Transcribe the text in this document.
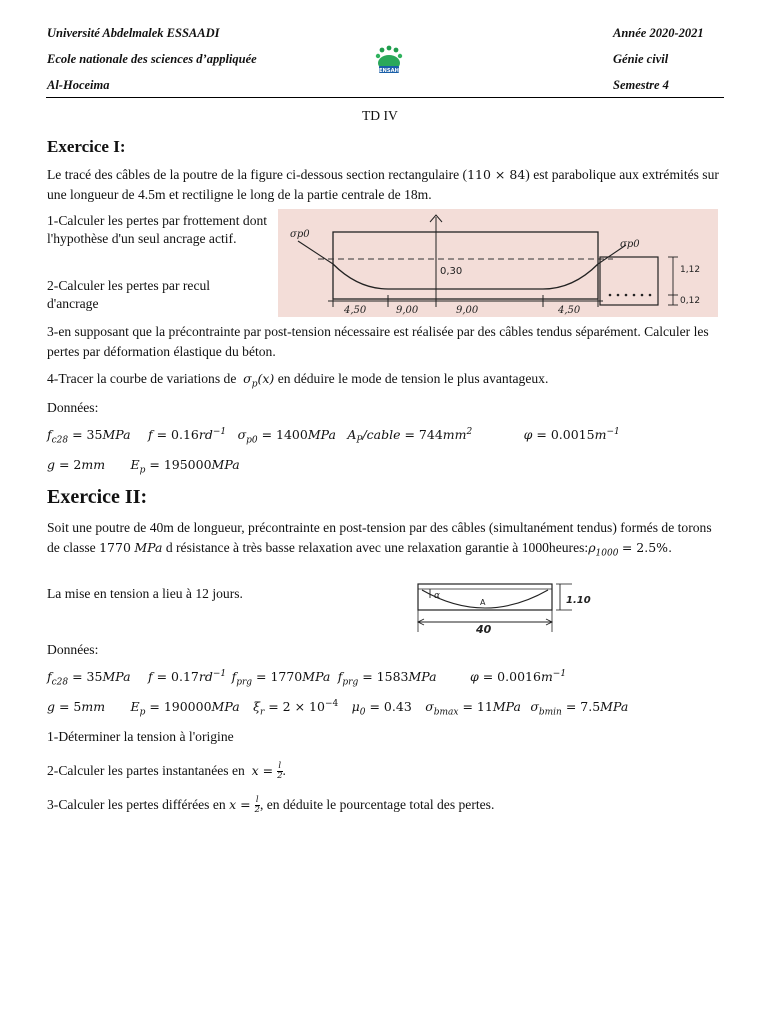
Université Abdelmalek ESSAADI
Ecole nationale des sciences d’appliquée
Al-Hoceima
Année 2020-2021
Génie civil
Semestre 4
ENSAH
TD IV
Exercice I:
Le tracé des câbles de la poutre de la figure ci-dessous section rectangulaire (110 × 84) est parabolique aux extrémités sur une longueur de 4.5m et rectiligne le long de la partie centrale de 18m.
1-Calculer les pertes par frottement dont l'hypothèse d'un seul ancrage actif.
2-Calculer les pertes par recul d'ancrage
σp0
σp0
0,30
4,50	9,00	9,00	4,50
1,12
0,12
3-en supposant que la précontrainte par post-tension nécessaire est réalisée par des câbles tendus séparément. Calculer les pertes par déformation élastique du béton.
4-Tracer la courbe de variations de $\sigma_p(x)$ en déduire le mode de tension le plus avantageux.
Données:
$f_{c28} = 35MPa$ $f = 0.16rd^{-1}$ $\sigma_{p0} = 1400MPa$ $A_P$/cable = $744mm^2$	$\varphi = 0.0015m^{-1}$
g = 2mm $E_p = 195000MPa$
Exercice II:
Soit une poutre de 40m de longueur, précontrainte en post-tension par des câbles (simultanément tendus) formés de torons de classe 1770 MPa d résistance à très basse relaxation avec une relaxation garantie à $1000heures:\rho_{1000} = 2.5\%$.
La mise en tension a lieu à 12 jours.	α
A	1.10
40
Données:
$f_{c28} = 35MPa$ $f = 0.17rd^{-1}$ $f_{prg} = 1770MPa$ $f_{prg} = 1583MPa$	$\varphi = 0.0016m^{-1}$
g = 5mm $E_p = 190000MPa$ $\xi_r = 2 \times 10^{-4}$ $\mu_0 = 0.43$ $\sigma_{bmax} = 11MPa$ $\sigma_{bmin} = 7.5MPa$
1-Déterminer la tension à l'origine
2-Calculer les partes instantanées en $x = \frac{l}{2}$ .
3-Calculer les pertes différées en $x = \frac{l}{2}$ , en déduite le pourcentage total des pertes.
